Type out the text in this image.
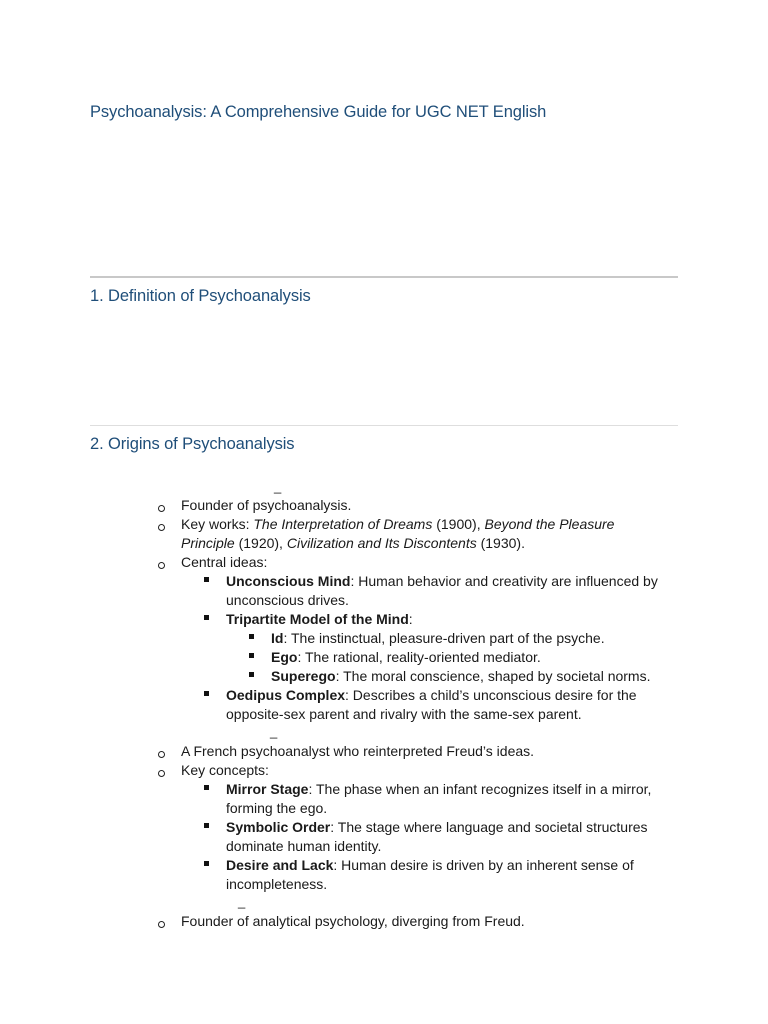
Psychoanalysis: A Comprehensive Guide for UGC NET English
1. Definition of Psychoanalysis
2. Origins of Psychoanalysis
_
Founder of psychoanalysis.
Key works: The Interpretation of Dreams (1900), Beyond the Pleasure
Principle (1920), Civilization and Its Discontents (1930).
Central ideas:
Unconscious Mind: Human behavior and creativity are influenced by
unconscious drives.
Tripartite Model of the Mind:
Id: The instinctual, pleasure-driven part of the psyche.
Ego: The rational, reality-oriented mediator.
Superego: The moral conscience, shaped by societal norms.
Oedipus Complex: Describes a child’s unconscious desire for the
opposite-sex parent and rivalry with the same-sex parent.
_
A French psychoanalyst who reinterpreted Freud’s ideas.
Key concepts:
Mirror Stage: The phase when an infant recognizes itself in a mirror,
forming the ego.
Symbolic Order: The stage where language and societal structures
dominate human identity.
Desire and Lack: Human desire is driven by an inherent sense of
incompleteness.
_
Founder of analytical psychology, diverging from Freud.
